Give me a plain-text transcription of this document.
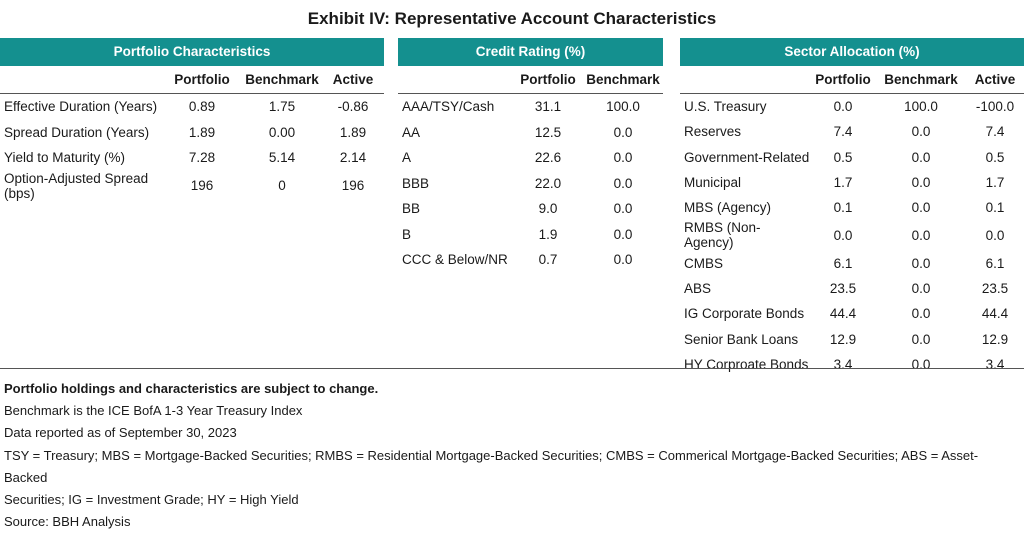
Exhibit IV: Representative Account Characteristics
Portfolio Characteristics
	Portfolio	Benchmark	Active
Effective Duration (Years)	0.89	1.75	-0.86
Spread Duration (Years)	1.89	0.00	1.89
Yield to Maturity (%)	7.28	5.14	2.14
Option-Adjusted Spread (bps)	196	0	196
Credit Rating (%)
	Portfolio	Benchmark
AAA/TSY/Cash	31.1	100.0
AA	12.5	0.0
A	22.6	0.0
BBB	22.0	0.0
BB	9.0	0.0
B	1.9	0.0
CCC & Below/NR	0.7	0.0
Sector Allocation (%)
	Portfolio	Benchmark	Active
U.S. Treasury	0.0	100.0	-100.0
Reserves	7.4	0.0	7.4
Government-Related	0.5	0.0	0.5
Municipal	1.7	0.0	1.7
MBS (Agency)	0.1	0.0	0.1
RMBS (Non-Agency)	0.0	0.0	0.0
CMBS	6.1	0.0	6.1
ABS	23.5	0.0	23.5
IG Corporate Bonds	44.4	0.0	44.4
Senior Bank Loans	12.9	0.0	12.9
HY Corproate Bonds	3.4	0.0	3.4
Portfolio holdings and characteristics are subject to change.
Benchmark is the ICE BofA 1-3 Year Treasury Index
Data reported as of September 30, 2023
TSY = Treasury; MBS = Mortgage-Backed Securities; RMBS = Residential Mortgage-Backed Securities; CMBS = Commerical Mortgage-Backed Securities; ABS = Asset-Backed
Securities; IG = Investment Grade; HY = High Yield
Source: BBH Analysis
